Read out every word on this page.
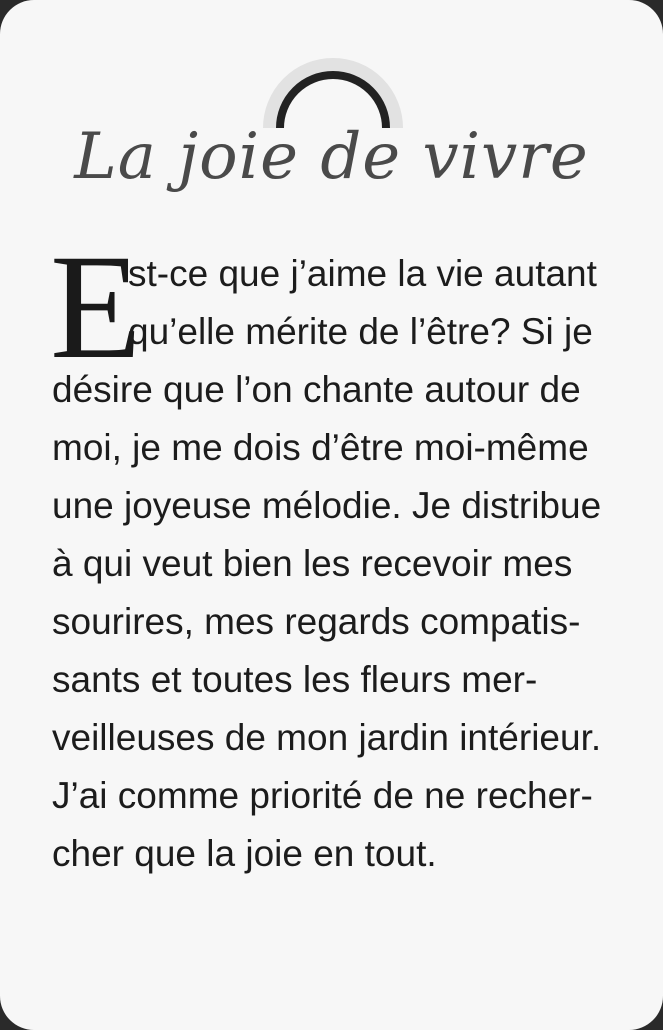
La joie de vivre
E
st-ce que j’aime la vie autant
qu’elle mérite de l’être? Si je
désire que l’on chante autour de
moi, je me dois d’être moi-même
une joyeuse mélodie. Je distribue
à qui veut bien les recevoir mes
sourires, mes regards compatis-
sants et toutes les fleurs mer-
veilleuses de mon jardin intérieur.
J’ai comme priorité de ne recher-
cher que la joie en tout.
